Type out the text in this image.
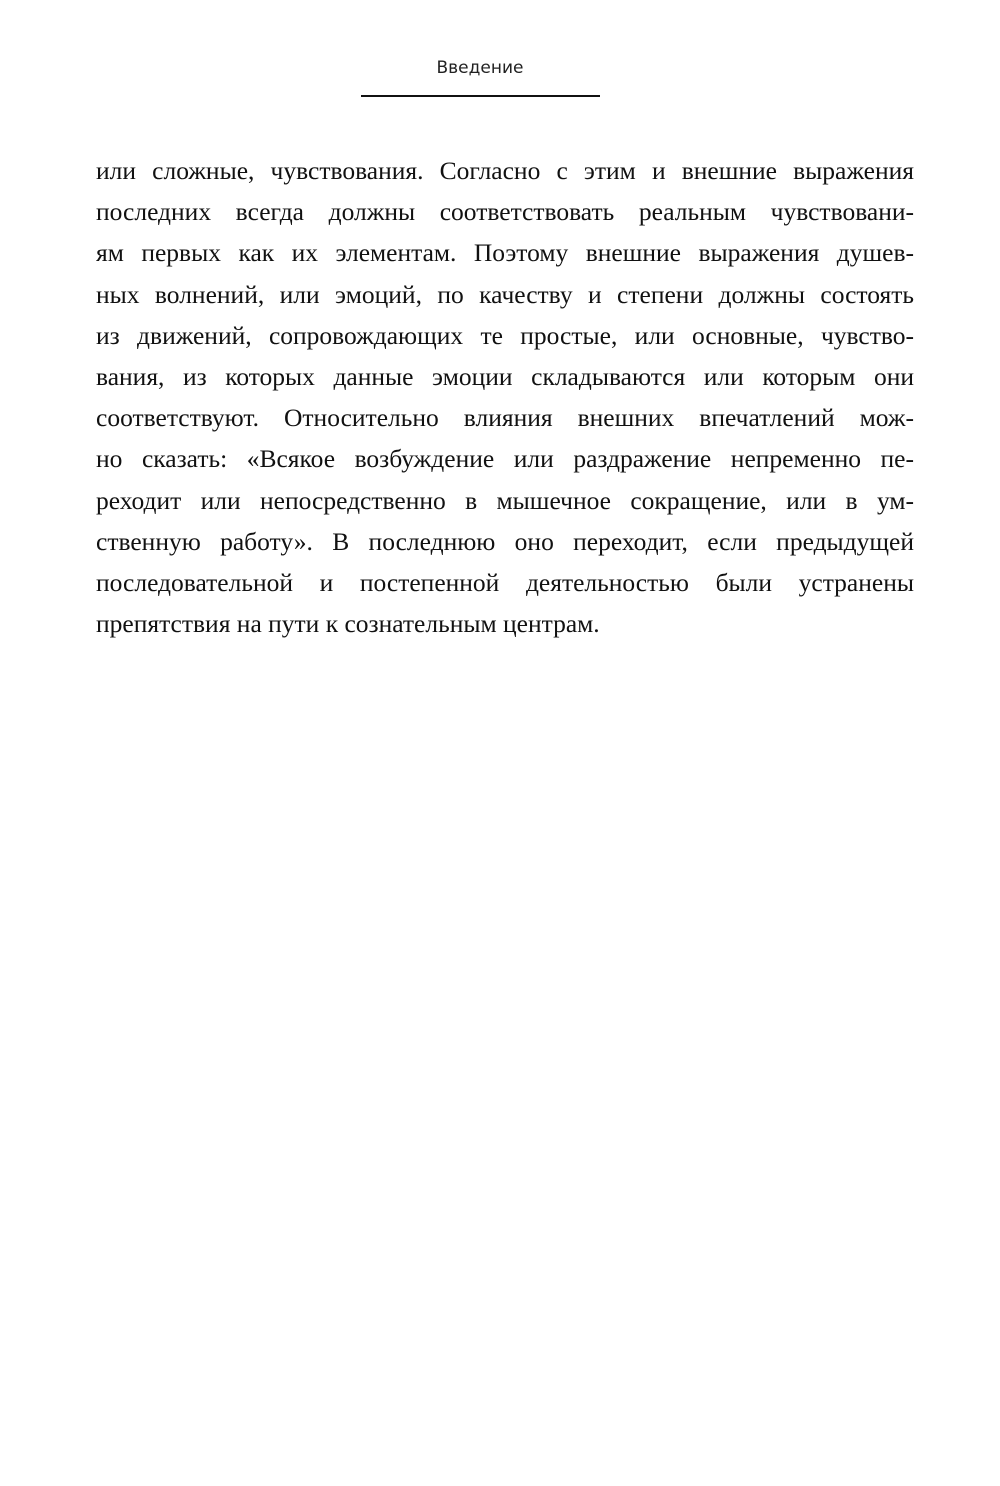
Введение
или сложные, чувствования. Согласно с этим и внешние выражения
последних всегда должны соответствовать реальным чувствовани-
ям первых как их элементам. Поэтому внешние выражения душев-
ных волнений, или эмоций, по качеству и степени должны состоять
из движений, сопровождающих те простые, или основные, чувство-
вания, из которых данные эмоции складываются или которым они
соответствуют. Относительно влияния внешних впечатлений мож-
но сказать: «Всякое возбуждение или раздражение непременно пе-
реходит или непосредственно в мышечное сокращение, или в ум-
ственную работу». В последнюю оно переходит, если предыдущей
последовательной и постепенной деятельностью были устранены
препятствия на пути к сознательным центрам.
